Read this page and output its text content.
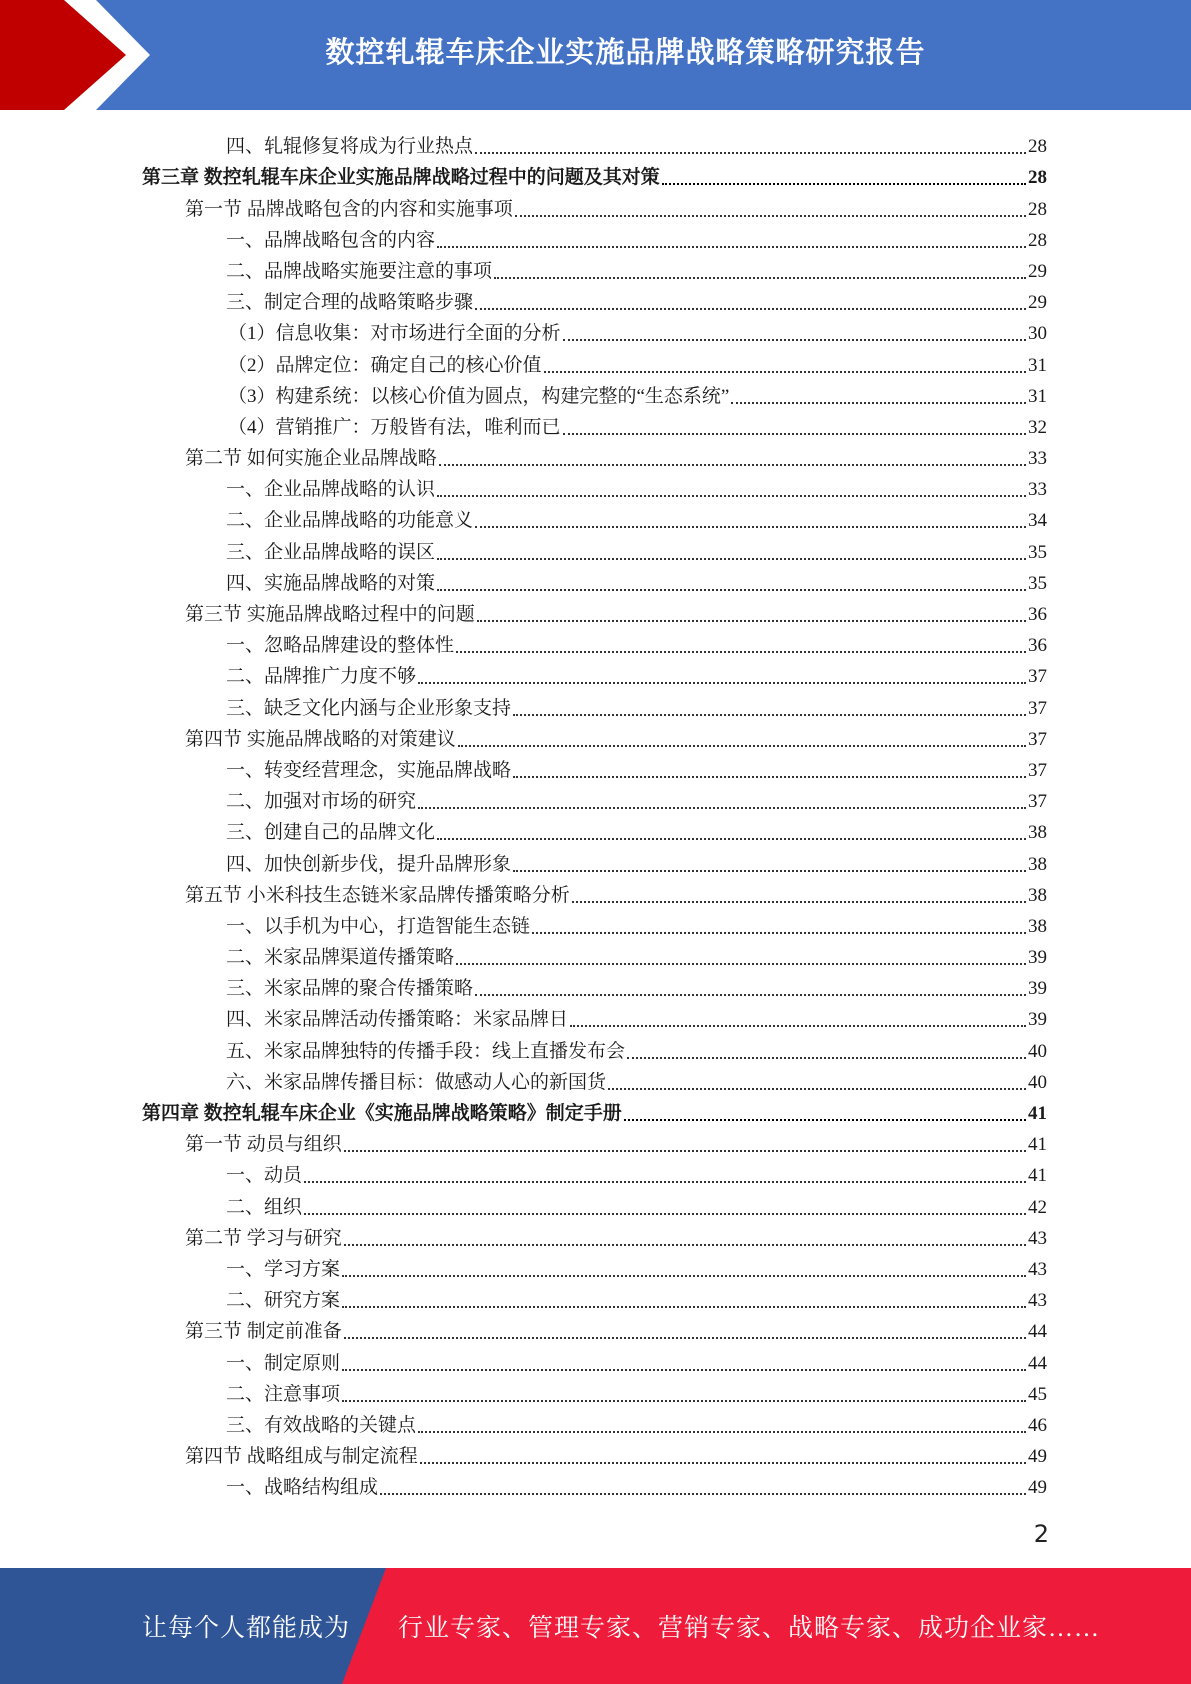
数控轧辊车床企业实施品牌战略策略研究报告
四、轧辊修复将成为行业热点	28
第三章 数控轧辊车床企业实施品牌战略过程中的问题及其对策	28
第一节 品牌战略包含的内容和实施事项	28
一、品牌战略包含的内容	28
二、品牌战略实施要注意的事项	29
三、制定合理的战略策略步骤	29
（1）信息收集：对市场进行全面的分析	30
（2）品牌定位：确定自己的核心价值	31
（3）构建系统：以核心价值为圆点，构建完整的“生态系统”	31
（4）营销推广：万般皆有法，唯利而已	32
第二节 如何实施企业品牌战略	33
一、企业品牌战略的认识	33
二、企业品牌战略的功能意义	34
三、企业品牌战略的误区	35
四、实施品牌战略的对策	35
第三节 实施品牌战略过程中的问题	36
一、忽略品牌建设的整体性	36
二、品牌推广力度不够	37
三、缺乏文化内涵与企业形象支持	37
第四节 实施品牌战略的对策建议	37
一、转变经营理念，实施品牌战略	37
二、加强对市场的研究	37
三、创建自己的品牌文化	38
四、加快创新步伐，提升品牌形象	38
第五节 小米科技生态链米家品牌传播策略分析	38
一、以手机为中心，打造智能生态链	38
二、米家品牌渠道传播策略	39
三、米家品牌的聚合传播策略	39
四、米家品牌活动传播策略：米家品牌日	39
五、米家品牌独特的传播手段：线上直播发布会	40
六、米家品牌传播目标：做感动人心的新国货	40
第四章 数控轧辊车床企业《实施品牌战略策略》制定手册	41
第一节 动员与组织	41
一、动员	41
二、组织	42
第二节 学习与研究	43
一、学习方案	43
二、研究方案	43
第三节 制定前准备	44
一、制定原则	44
二、注意事项	45
三、有效战略的关键点	46
第四节 战略组成与制定流程	49
一、战略结构组成	49
2
让每个人都能成为 行业专家、管理专家、营销专家、战略专家、成功企业家……
